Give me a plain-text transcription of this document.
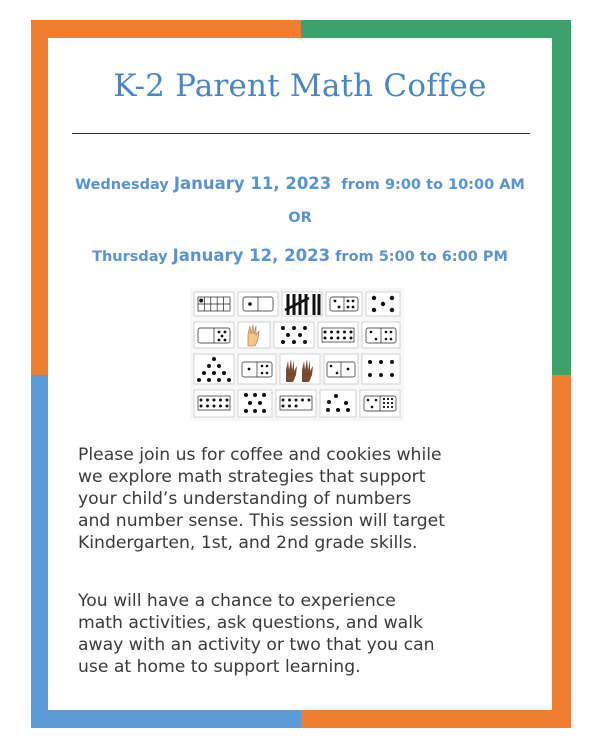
K-2 Parent Math Coffee
Wednesday January 11, 2023 from 9:00 to 10:00 AM
OR
Thursday January 12, 2023 from 5:00 to 6:00 PM
Please join us for coffee and cookies while
we explore math strategies that support
your child’s understanding of numbers
and number sense. This session will target
Kindergarten, 1st, and 2nd grade skills.
You will have a chance to experience
math activities, ask questions, and walk
away with an activity or two that you can
use at home to support learning.
